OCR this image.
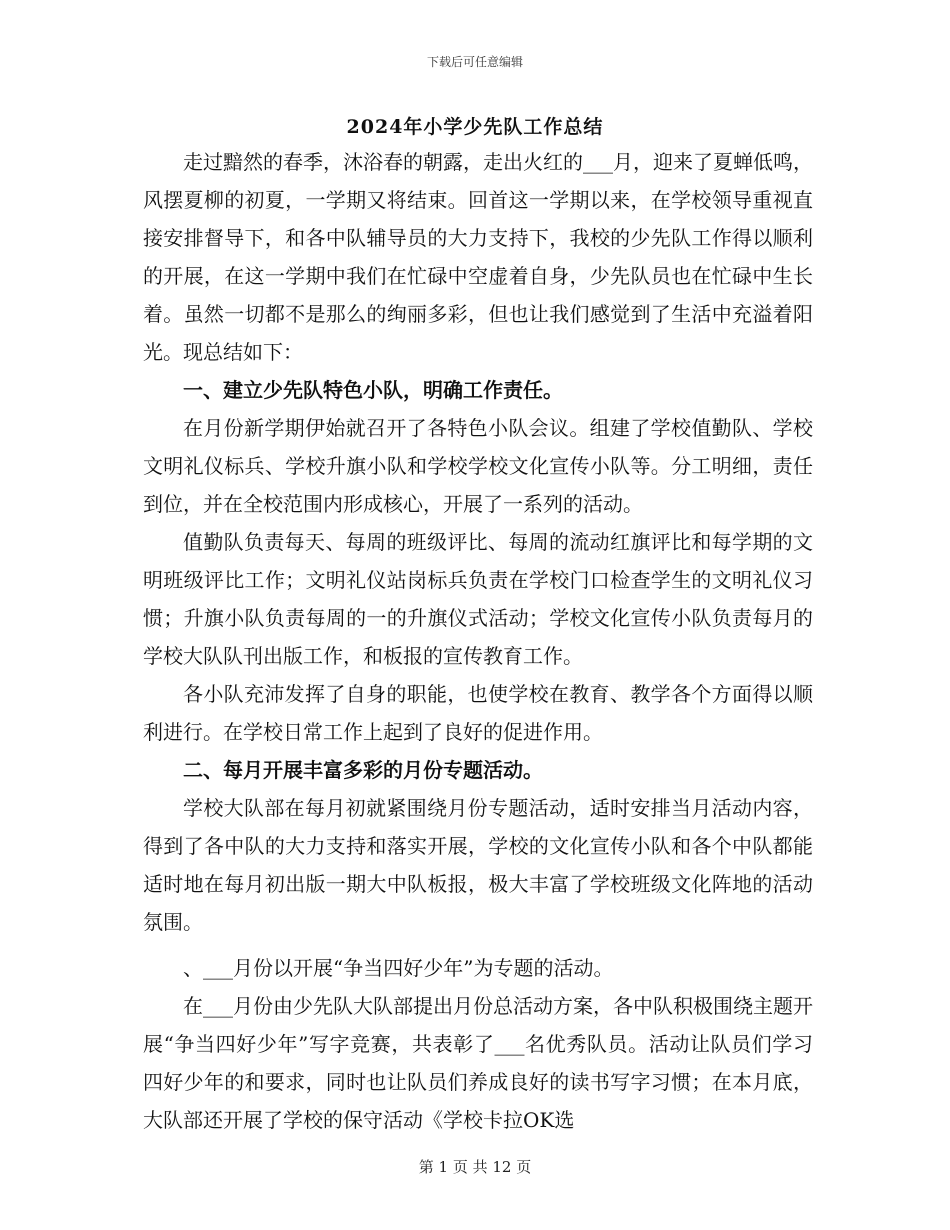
下载后可任意编辑
2024年小学少先队工作总结

走过黯然的春季，沐浴春的朝露，走出火红的___月，迎来了夏蝉低鸣，风摆夏柳的初夏，一学期又将结束。回首这一学期以来，在学校领导重视直接安排督导下，和各中队辅导员的大力支持下，我校的少先队工作得以顺利的开展，在这一学期中我们在忙碌中空虚着自身，少先队员也在忙碌中生长着。虽然一切都不是那么的绚丽多彩，但也让我们感觉到了生活中充溢着阳光。现总结如下：

一、建立少先队特色小队，明确工作责任。

在月份新学期伊始就召开了各特色小队会议。组建了学校值勤队、学校文明礼仪标兵、学校升旗小队和学校学校文化宣传小队等。分工明细，责任到位，并在全校范围内形成核心，开展了一系列的活动。

值勤队负责每天、每周的班级评比、每周的流动红旗评比和每学期的文明班级评比工作；文明礼仪站岗标兵负责在学校门口检查学生的文明礼仪习惯；升旗小队负责每周的一的升旗仪式活动；学校文化宣传小队负责每月的学校大队队刊出版工作，和板报的宣传教育工作。

各小队充沛发挥了自身的职能，也使学校在教育、教学各个方面得以顺利进行。在学校日常工作上起到了良好的促进作用。

二、每月开展丰富多彩的月份专题活动。

学校大队部在每月初就紧围绕月份专题活动，适时安排当月活动内容，得到了各中队的大力支持和落实开展，学校的文化宣传小队和各个中队都能适时地在每月初出版一期大中队板报，极大丰富了学校班级文化阵地的活动氛围。

、___月份以开展“争当四好少年”为专题的活动。

在___月份由少先队大队部提出月份总活动方案，各中队积极围绕主题开展“争当四好少年”写字竞赛，共表彰了___名优秀队员。活动让队员们学习四好少年的和要求，同时也让队员们养成良好的读书写字习惯；在本月底，大队部还开展了学校的保守活动《学校卡拉OK选

第 1 页 共 12 页
